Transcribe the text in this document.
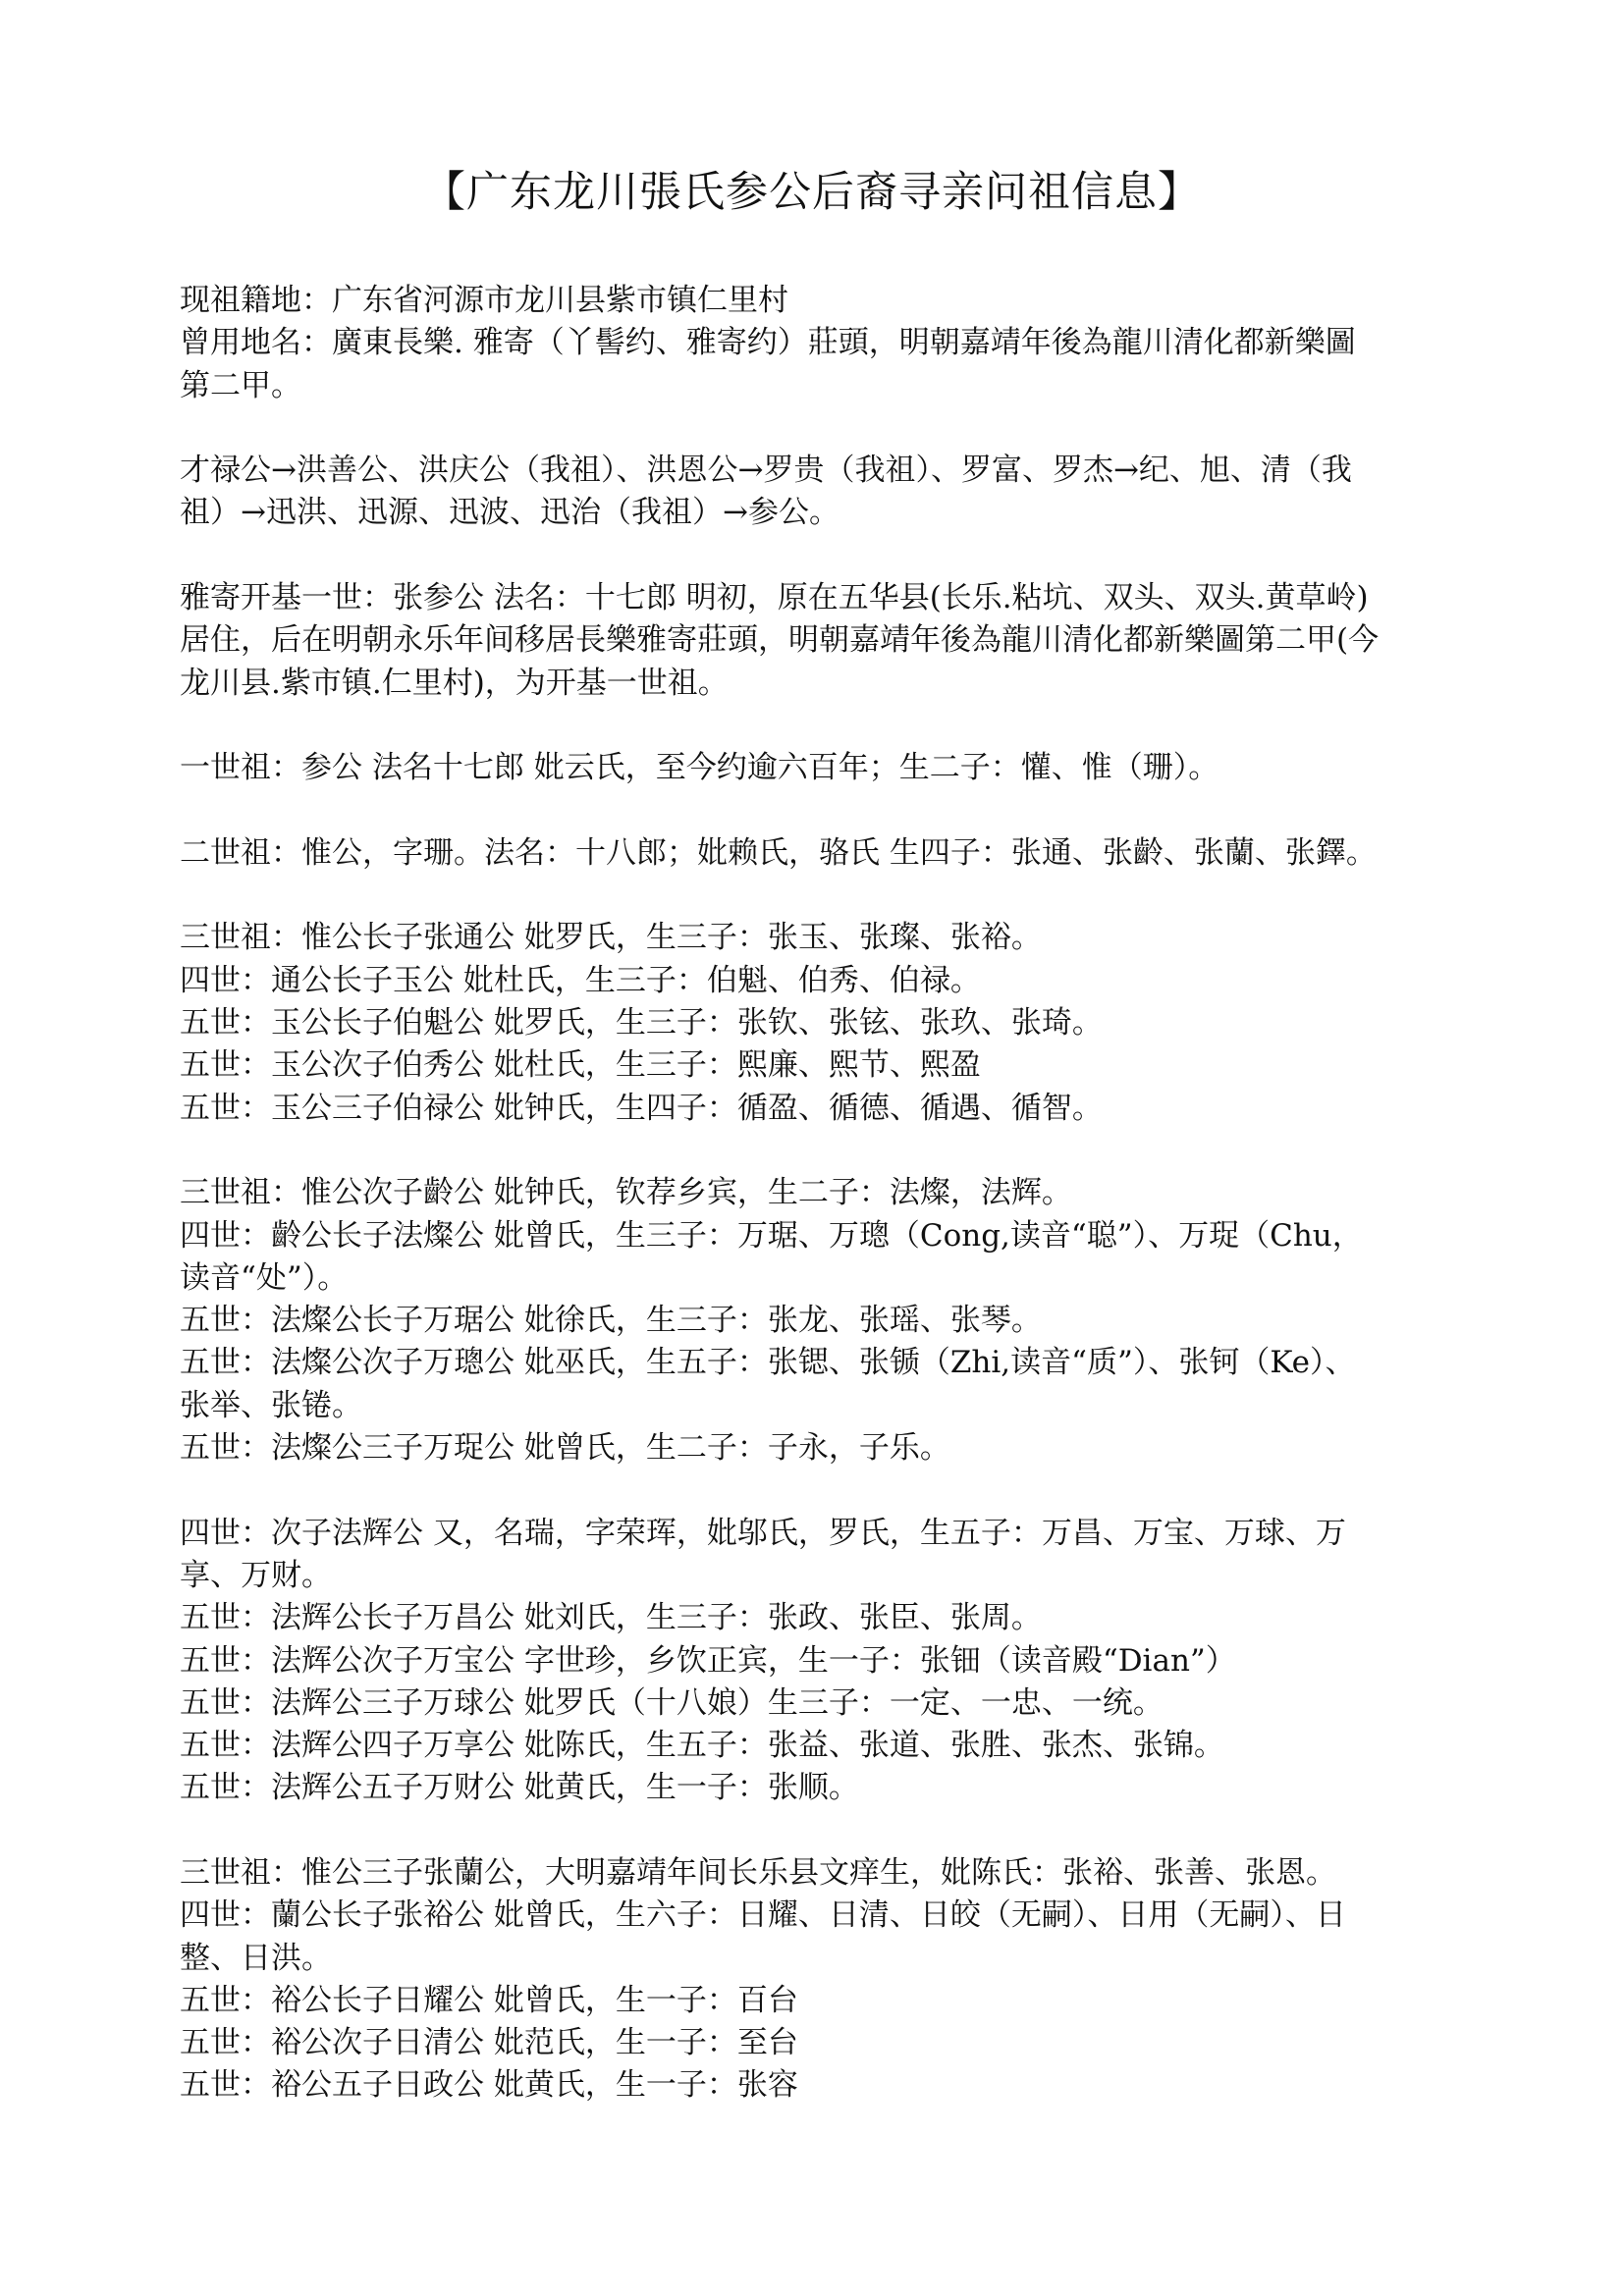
【广东龙川張氏参公后裔寻亲问祖信息】
现祖籍地：广东省河源市龙川县紫市镇仁里村
曾用地名：廣東長樂. 雅寄（丫髻约、雅寄约）莊頭，明朝嘉靖年後為龍川清化都新樂圖
第二甲。
才禄公→洪善公、洪庆公（我祖）、洪恩公→罗贵（我祖）、罗富、罗杰→纪、旭、清（我
祖）→迅洪、迅源、迅波、迅治（我祖）→参公。
雅寄开基一世：张参公 法名：十七郎 明初，原在五华县(长乐.粘坑、双头、双头.黄草岭)
居住，后在明朝永乐年间移居長樂雅寄莊頭，明朝嘉靖年後為龍川清化都新樂圖第二甲(今
龙川县.紫市镇.仁里村)，为开基一世祖。
一世祖：参公 法名十七郎 妣云氏，至今约逾六百年；生二子：懽、惟（珊）。
二世祖：惟公，字珊。法名：十八郎；妣赖氏，骆氏 生四子：张通、张齡、张蘭、张鐸。
三世祖：惟公长子张通公 妣罗氏，生三子：张玉、张璨、张裕。
四世：通公长子玉公 妣杜氏，生三子：伯魁、伯秀、伯禄。
五世：玉公长子伯魁公 妣罗氏，生三子：张钦、张铉、张玖、张琦。
五世：玉公次子伯秀公 妣杜氏，生三子：熙廉、熙节、熙盈
五世：玉公三子伯禄公 妣钟氏，生四子：循盈、循德、循遇、循智。
三世祖：惟公次子齡公 妣钟氏，钦荐乡宾，生二子：法燦，法辉。
四世：齡公长子法燦公 妣曾氏，生三子：万琚、万璁（Cong,读音“聪”）、万珿（Chu，
读音“处”）。
五世：法燦公长子万琚公 妣徐氏，生三子：张龙、张瑶、张琴。
五世：法燦公次子万璁公 妣巫氏，生五子：张锶、张锧（Zhi,读音“质”）、张钶（Ke）、
张举、张锩。
五世：法燦公三子万珿公 妣曾氏，生二子：子永，子乐。
四世：次子法辉公 又，名瑞，字荣珲，妣邬氏，罗氏，生五子：万昌、万宝、万球、万
享、万财。
五世：法辉公长子万昌公 妣刘氏，生三子：张政、张臣、张周。
五世：法辉公次子万宝公 字世珍，乡饮正宾，生一子：张钿（读音殿“Dian”）
五世：法辉公三子万球公 妣罗氏（十八娘）生三子：一定、一忠、一统。
五世：法辉公四子万享公 妣陈氏，生五子：张益、张道、张胜、张杰、张锦。
五世：法辉公五子万财公 妣黄氏，生一子：张顺。
三世祖：惟公三子张蘭公，大明嘉靖年间长乐县文痒生，妣陈氏：张裕、张善、张恩。
四世：蘭公长子张裕公 妣曾氏，生六子：日耀、日清、日皎（无嗣）、日用（无嗣）、日
整、日洪。
五世：裕公长子日耀公 妣曾氏，生一子：百台
五世：裕公次子日清公 妣范氏，生一子：至台
五世：裕公五子日政公 妣黄氏，生一子：张容
